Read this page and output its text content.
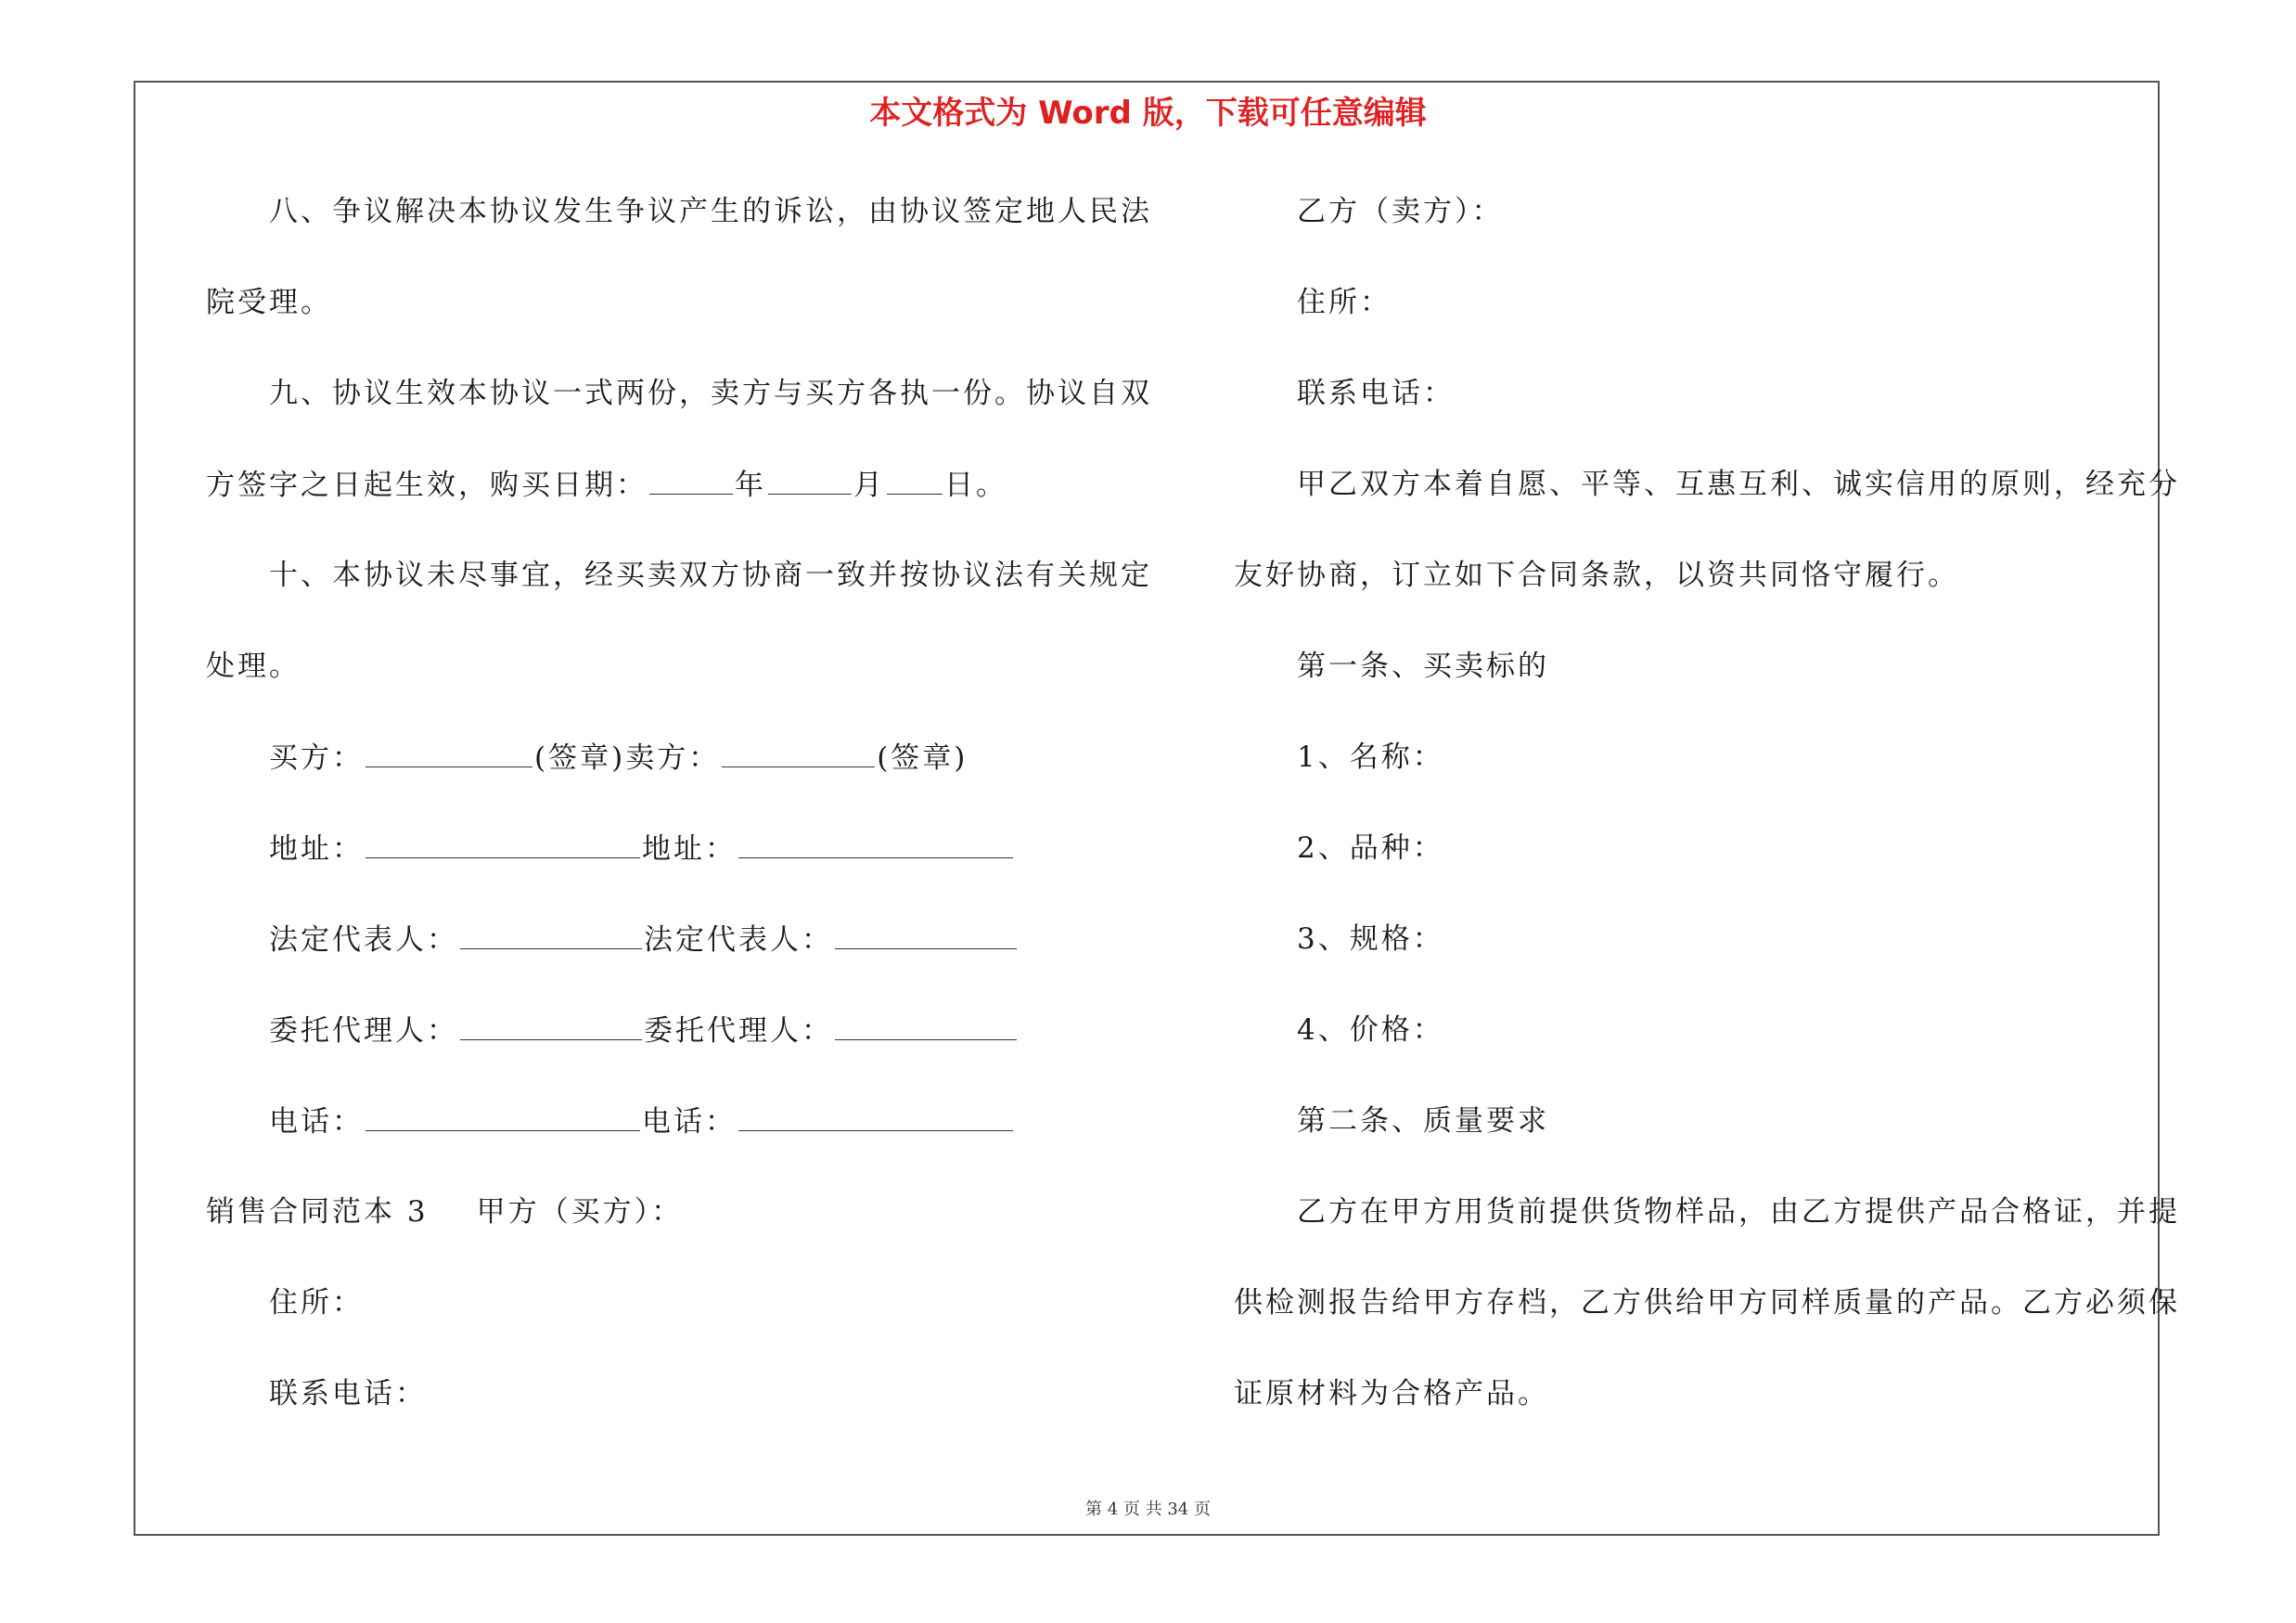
本文格式为 Word 版，下载可任意编辑
八、争议解决本协议发生争议产生的诉讼，由协议签定地人民法
院受理。
九、协议生效本协议一式两份，卖方与买方各执一份。协议自双
方签字之日起生效，购买日期：	年	月 日。
十、本协议未尽事宜，经买卖双方协商一致并按协议法有关规定
处理。
买方：	(签章)卖方：	(签章)
地址：	地址：
法定代表人：	法定代表人：
委托代理人：	委托代理人：
电话：	电话：
销售合同范本 3 甲方（买方）：
住所：
联系电话：
乙方（卖方）：
住所：
联系电话：
甲乙双方本着自愿、平等、互惠互利、诚实信用的原则，经充分
友好协商，订立如下合同条款，以资共同恪守履行。
第一条、买卖标的
1、名称：
2、品种：
3、规格：
4、价格：
第二条、质量要求
乙方在甲方用货前提供货物样品，由乙方提供产品合格证，并提
供检测报告给甲方存档，乙方供给甲方同样质量的产品。乙方必须保
证原材料为合格产品。
第 4 页 共 34 页
